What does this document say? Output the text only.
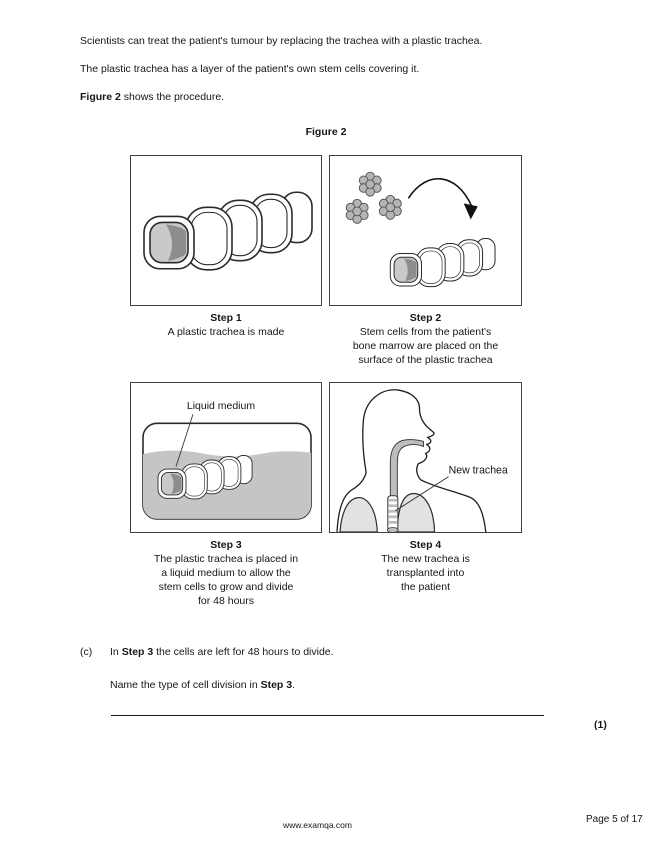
Scientists can treat the patient's tumour by replacing the trachea with a plastic trachea.
The plastic trachea has a layer of the patient's own stem cells covering it.
Figure 2 shows the procedure.
Figure 2
Step 1
A plastic trachea is made
Step 2
Stem cells from the patient's
bone marrow are placed on the
surface of the plastic trachea
Liquid medium
New trachea
Step 3
The plastic trachea is placed in
a liquid medium to allow the
stem cells to grow and divide
for 48 hours
Step 4
The new trachea is
transplanted into
the patient
(c) In Step 3 the cells are left for 48 hours to divide.
Name the type of cell division in Step 3.
(1)
www.examqa.com	Page 5 of 17
